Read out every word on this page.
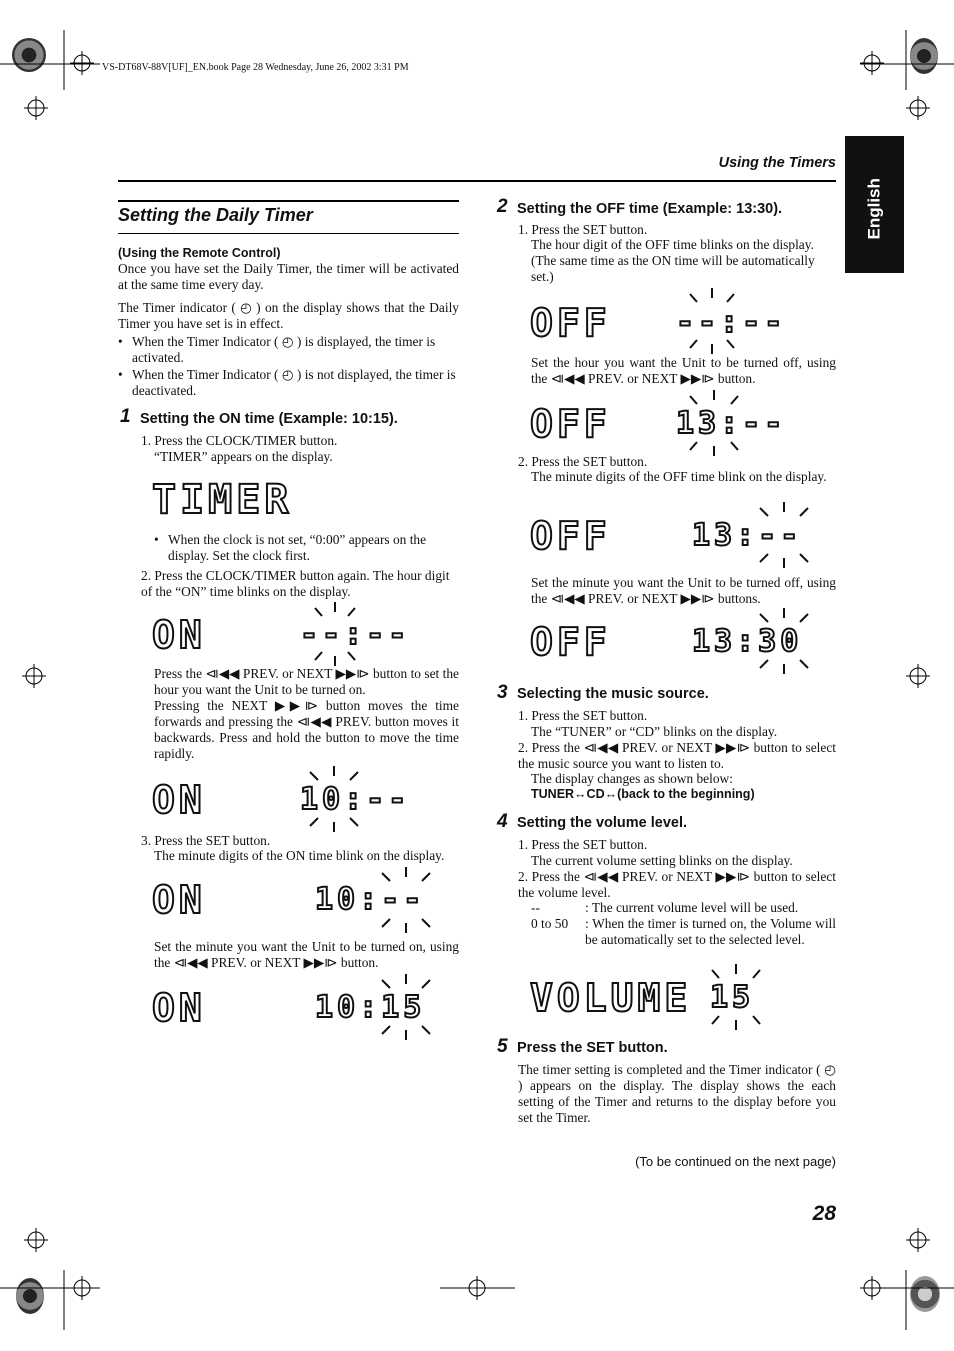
VS-DT68V-88V[UF]_EN.book Page 28 Wednesday, June 26, 2002 3:31 PM
Using the Timers
English
Setting the Daily Timer
(Using the Remote Control)
Once you have set the Daily Timer, the timer will be activated at the same time every day.
The Timer indicator ( ◴ ) on the display shows that the Daily Timer you have set is in effect.
• When the Timer Indicator ( ◴ ) is displayed, the timer is activated.
• When the Timer Indicator ( ◴ ) is not displayed, the timer is deactivated.
1 Setting the ON time (Example: 10:15).
1. Press the CLOCK/TIMER button.
“TIMER” appears on the display.
TIMER
• When the clock is not set, “0:00” appears on the display. Set the clock first.
2. Press the CLOCK/TIMER button again. The hour digit of the “ON” time blinks on the display.
ON	--:--
Press the ⧏◀◀ PREV. or NEXT ▶▶⧐ button to set the hour you want the Unit to be turned on.
Pressing the NEXT ▶▶⧐ button moves the time forwards and pressing the ⧏◀◀ PREV. button moves it backwards. Press and hold the button to move the time rapidly.
ON	10:--
3. Press the SET button.
The minute digits of the ON time blink on the display.
ON	10:--
Set the minute you want the Unit to be turned on, using the ⧏◀◀ PREV. or NEXT ▶▶⧐ button.
ON	10:15
2 Setting the OFF time (Example: 13:30).
1. Press the SET button.
The hour digit of the OFF time blinks on the display. (The same time as the ON time will be automatically set.)
OFF --:--
Set the hour you want the Unit to be turned off, using the ⧏◀◀ PREV. or NEXT ▶▶⧐ button.
OFF 13:--
2. Press the SET button.
The minute digits of the OFF time blink on the display.
OFF	13:--
Set the minute you want the Unit to be turned off, using the ⧏◀◀ PREV. or NEXT ▶▶⧐ buttons.
OFF	13:30
3 Selecting the music source.
1. Press the SET button.
The “TUNER” or “CD” blinks on the display.
2. Press the ⧏◀◀ PREV. or NEXT ▶▶⧐ button to select the music source you want to listen to.
The display changes as shown below:
TUNER↔CD↔(back to the beginning)
4 Setting the volume level.
1. Press the SET button.
The current volume setting blinks on the display.
2. Press the ⧏◀◀ PREV. or NEXT ▶▶⧐ button to select the volume level.
--	: The current volume level will be used.
0 to 50 : When the timer is turned on, the Volume will be automatically set to the selected level.
VOLUME 15
5 Press the SET button.
The timer setting is completed and the Timer indicator ( ◴ ) appears on the display. The display shows the each setting of the Timer and returns to the display before you set the Timer.
(To be continued on the next page)
28
